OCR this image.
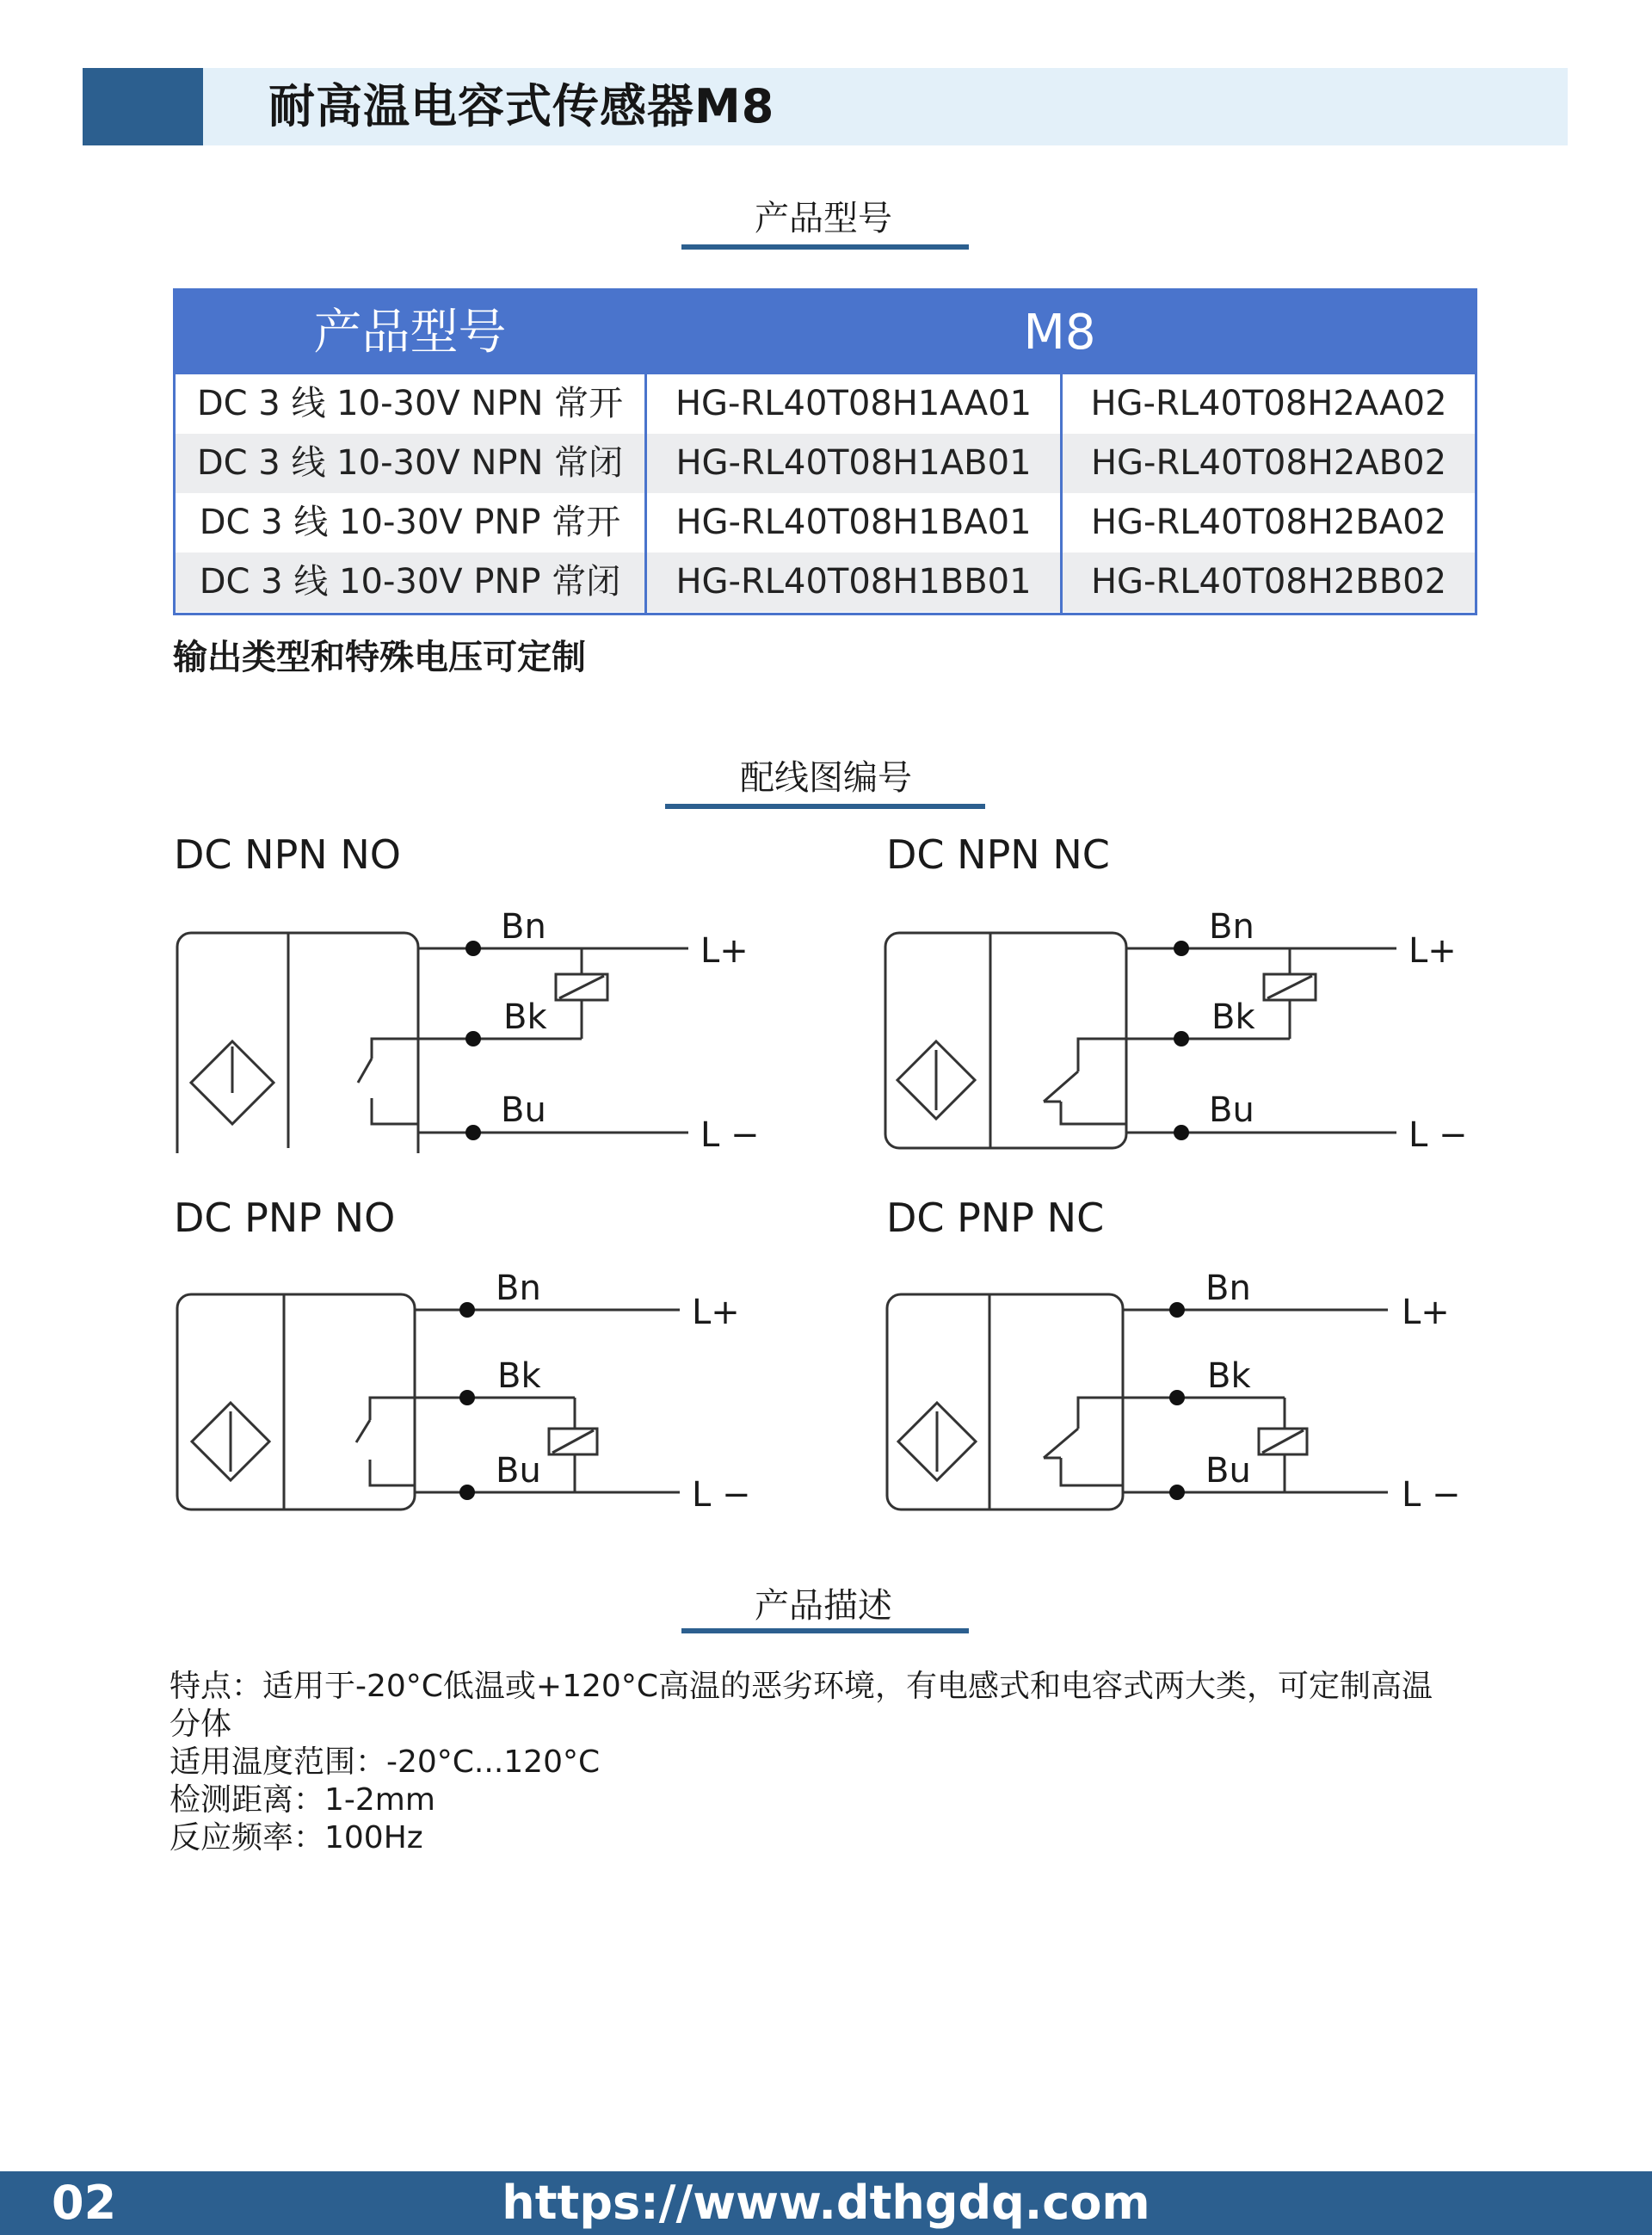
耐高温电容式传感器M8
产品型号
产品型号	M8
DC 3 线 10-30V NPN 常开	HG-RL40T08H1AA01	HG-RL40T08H2AA02
DC 3 线 10-30V NPN 常闭	HG-RL40T08H1AB01	HG-RL40T08H2AB02
DC 3 线 10-30V PNP 常开	HG-RL40T08H1BA01	HG-RL40T08H2BA02
DC 3 线 10-30V PNP 常闭	HG-RL40T08H1BB01	HG-RL40T08H2BB02
输出类型和特殊电压可定制
配线图编号
DC NPN NO	DC NPN NC
DC PNP NO	DC PNP NC
Bn
Bk
Bu
L+
L −
Bn
Bk
Bu
L+
L −
Bn
Bk
Bu
L+
L −
Bn
Bk
Bu
L+
L −
产品描述
特点：适用于-20°C低温或+120°C高温的恶劣环境，有电感式和电容式两大类，可定制高温
分体
适用温度范围：-20°C...120°C
检测距离：1-2mm
反应频率：100Hz
02	https://www.dthgdq.com
